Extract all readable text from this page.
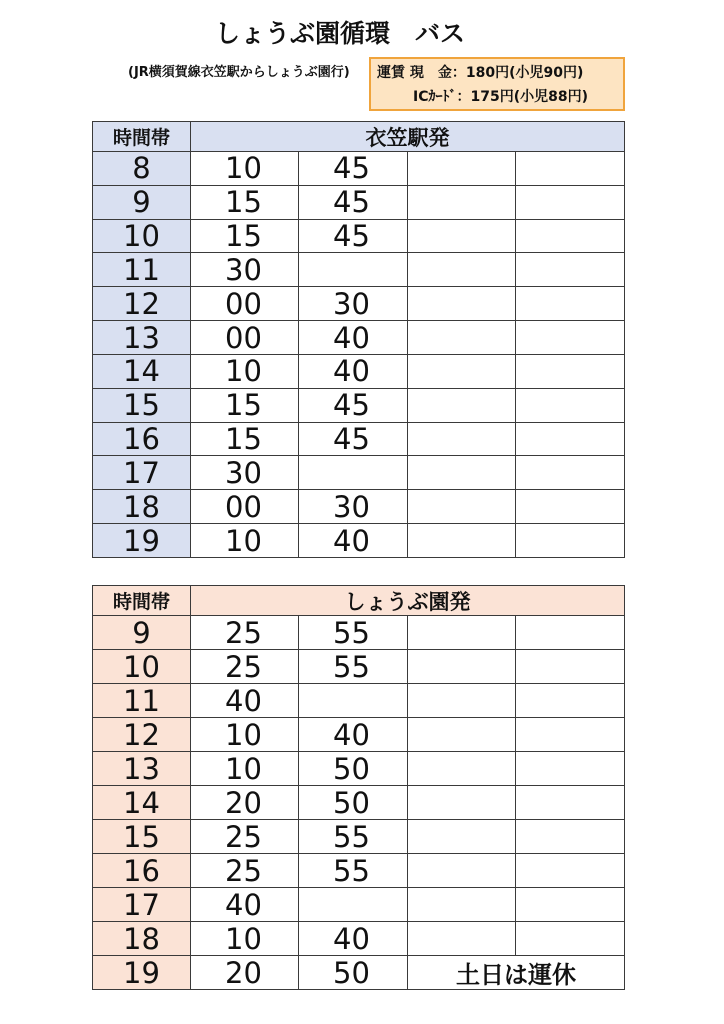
しょうぶ園循環　バス
(JR横須賀線衣笠駅からしょうぶ園行) 運賃 現　金：180円(小児90円)
ICｶｰﾄﾞ：175円(小児88円)
時間帯	衣笠駅発
8	10	45
9	15	45
10	15	45
11	30
12	00	30
13	00	40
14	10	40
15	15	45
16	15	45
17	30
18	00	30
19	10	40
時間帯	しょうぶ園発
9	25	55
10	25	55
11	40
12	10	40
13	10	50
14	20	50
15	25	55
16	25	55
17	40
18	10	40
19	20	50	土日は運休
